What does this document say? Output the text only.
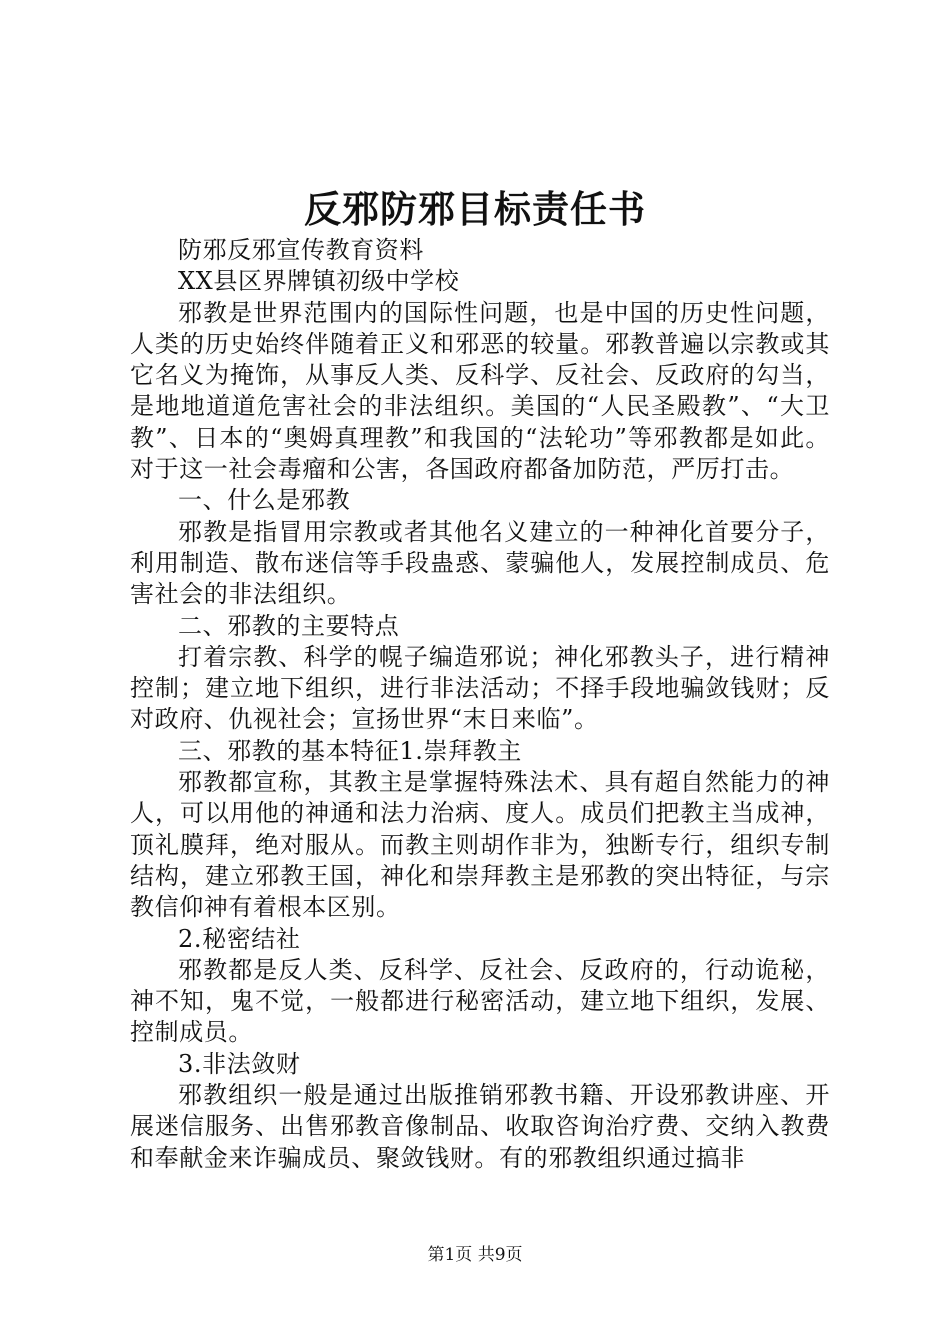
反邪防邪目标责任书

防邪反邪宣传教育资料

XX县区界牌镇初级中学校

邪教是世界范围内的国际性问题，也是中国的历史性问题，人类的历史始终伴随着正义和邪恶的较量。邪教普遍以宗教或其它名义为掩饰，从事反人类、反科学、反社会、反政府的勾当，是地地道道危害社会的非法组织。美国的“人民圣殿教”、“大卫教”、日本的“奥姆真理教”和我国的“法轮功”等邪教都是如此。对于这一社会毒瘤和公害，各国政府都备加防范，严厉打击。

一、什么是邪教

邪教是指冒用宗教或者其他名义建立的一种神化首要分子，利用制造、散布迷信等手段蛊惑、蒙骗他人，发展控制成员、危害社会的非法组织。

二、邪教的主要特点

打着宗教、科学的幌子编造邪说；神化邪教头子，进行精神控制；建立地下组织，进行非法活动；不择手段地骗敛钱财；反对政府、仇视社会；宣扬世界“末日来临”。

三、邪教的基本特征1.崇拜教主

邪教都宣称，其教主是掌握特殊法术、具有超自然能力的神人，可以用他的神通和法力治病、度人。成员们把教主当成神，顶礼膜拜，绝对服从。而教主则胡作非为，独断专行，组织专制结构，建立邪教王国，神化和崇拜教主是邪教的突出特征，与宗教信仰神有着根本区别。

2.秘密结社

邪教都是反人类、反科学、反社会、反政府的，行动诡秘，神不知，鬼不觉，一般都进行秘密活动，建立地下组织，发展、控制成员。

3.非法敛财

邪教组织一般是通过出版推销邪教书籍、开设邪教讲座、开展迷信服务、出售邪教音像制品、收取咨询治疗费、交纳入教费和奉献金来诈骗成员、聚敛钱财。有的邪教组织通过搞非

第1页 共9页
